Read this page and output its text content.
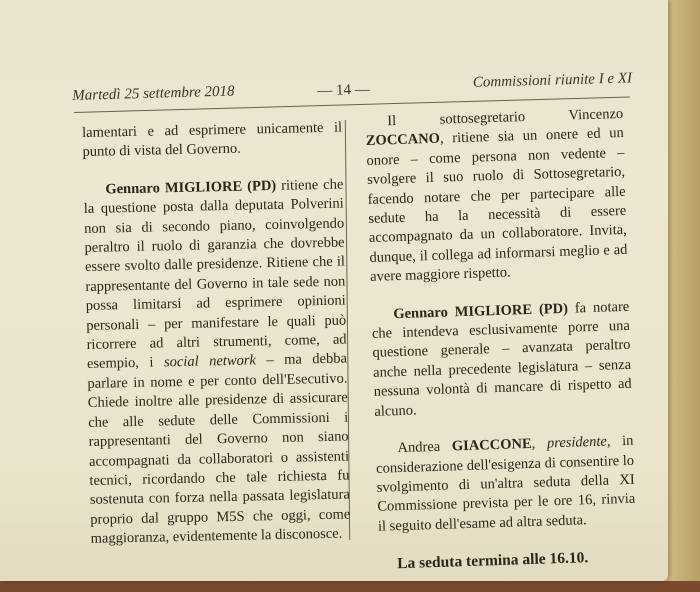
Martedì 25 settembre 2018	— 14 —	Commissioni riunite I e XI

lamentari e ad esprimere unicamente il punto di vista del Governo.

Gennaro MIGLIORE (PD) ritiene che la questione posta dalla deputata Polverini non sia di secondo piano, coinvolgendo peraltro il ruolo di garanzia che dovrebbe essere svolto dalle presidenze. Ritiene che il rappresentante del Governo in tale sede non possa limitarsi ad esprimere opinioni personali – per manifestare le quali può ricorrere ad altri strumenti, come, ad esempio, i social network – ma debba parlare in nome e per conto dell'Esecutivo. Chiede inoltre alle presidenze di assicurare che alle sedute delle Commissioni i rappresentanti del Governo non siano accompagnati da collaboratori o assistenti tecnici, ricordando che tale richiesta fu sostenuta con forza nella passata legislatura proprio dal gruppo M5S che oggi, come maggioranza, evidentemente la disconosce.

Il sottosegretario Vincenzo ZOCCANO, ritiene sia un onere ed un onore – come persona non vedente – svolgere il suo ruolo di Sottosegretario, facendo notare che per partecipare alle sedute ha la necessità di essere accompagnato da un collaboratore. Invita, dunque, il collega ad informarsi meglio e ad avere maggiore rispetto.

Gennaro MIGLIORE (PD) fa notare che intendeva esclusivamente porre una questione generale – avanzata peraltro anche nella precedente legislatura – senza nessuna volontà di mancare di rispetto ad alcuno.

Andrea GIACCONE, presidente, in considerazione dell'esigenza di consentire lo svolgimento di un'altra seduta della XI Commissione prevista per le ore 16, rinvia il seguito dell'esame ad altra seduta.

La seduta termina alle 16.10.
